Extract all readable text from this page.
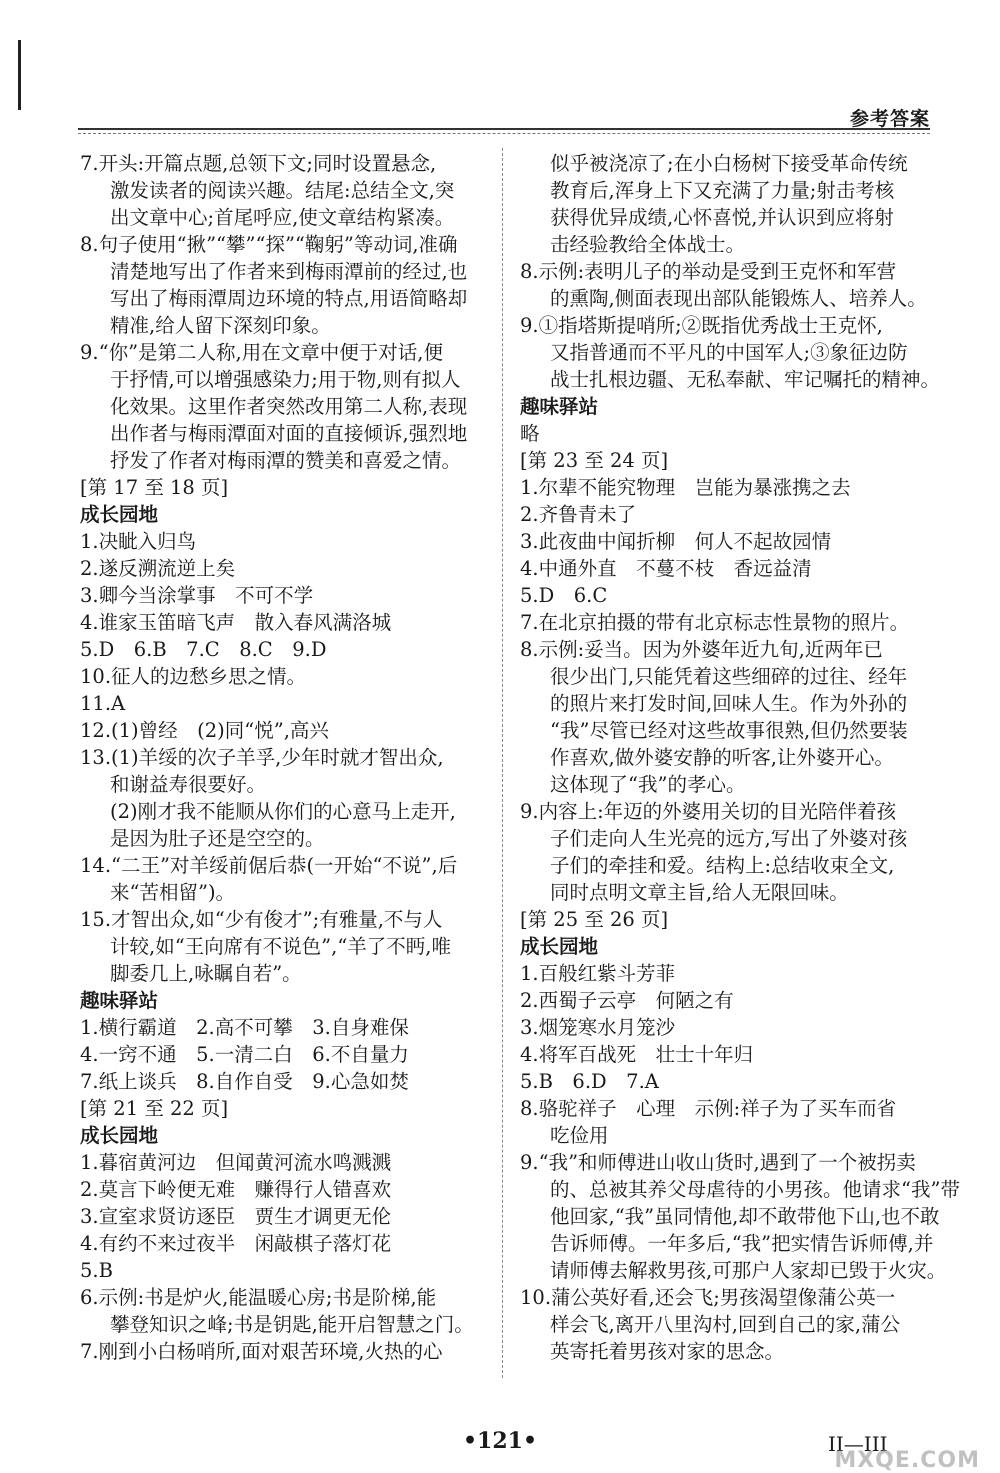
参考答案
7.开头:开篇点题,总领下文;同时设置悬念,
激发读者的阅读兴趣。结尾:总结全文,突
出文章中心;首尾呼应,使文章结构紧凑。
8.句子使用“揪”“攀”“探”“鞠躬”等动词,准确
清楚地写出了作者来到梅雨潭前的经过,也
写出了梅雨潭周边环境的特点,用语简略却
精准,给人留下深刻印象。
9.“你”是第二人称,用在文章中便于对话,便
于抒情,可以增强感染力;用于物,则有拟人
化效果。这里作者突然改用第二人称,表现
出作者与梅雨潭面对面的直接倾诉,强烈地
抒发了作者对梅雨潭的赞美和喜爱之情。
[第 17 至 18 页]
成长园地
1.决眦入归鸟
2.遂反溯流逆上矣
3.卿今当涂掌事　不可不学
4.谁家玉笛暗飞声　散入春风满洛城
5.D　6.B　7.C　8.C　9.D
10.征人的边愁乡思之情。
11.A
12.(1)曾经　(2)同“悦”,高兴
13.(1)羊绥的次子羊孚,少年时就才智出众,
和谢益寿很要好。
(2)刚才我不能顺从你们的心意马上走开,
是因为肚子还是空空的。
14.“二王”对羊绥前倨后恭(一开始“不说”,后
来“苦相留”)。
15.才智出众,如“少有俊才”;有雅量,不与人
计较,如“王向席有不说色”,“羊了不眄,唯
脚委几上,咏瞩自若”。
趣味驿站
1.横行霸道　2.高不可攀　3.自身难保
4.一窍不通　5.一清二白　6.不自量力
7.纸上谈兵　8.自作自受　9.心急如焚
[第 21 至 22 页]
成长园地
1.暮宿黄河边　但闻黄河流水鸣溅溅
2.莫言下岭便无难　赚得行人错喜欢
3.宣室求贤访逐臣　贾生才调更无伦
4.有约不来过夜半　闲敲棋子落灯花
5.B
6.示例:书是炉火,能温暖心房;书是阶梯,能
攀登知识之峰;书是钥匙,能开启智慧之门。
7.刚到小白杨哨所,面对艰苦环境,火热的心
似乎被浇凉了;在小白杨树下接受革命传统
教育后,浑身上下又充满了力量;射击考核
获得优异成绩,心怀喜悦,并认识到应将射
击经验教给全体战士。
8.示例:表明儿子的举动是受到王克怀和军营
的熏陶,侧面表现出部队能锻炼人、培养人。
9.①指塔斯提哨所;②既指优秀战士王克怀,
又指普通而不平凡的中国军人;③象征边防
战士扎根边疆、无私奉献、牢记嘱托的精神。
趣味驿站
略
[第 23 至 24 页]
1.尔辈不能究物理　岂能为暴涨携之去
2.齐鲁青未了
3.此夜曲中闻折柳　何人不起故园情
4.中通外直　不蔓不枝　香远益清
5.D　6.C
7.在北京拍摄的带有北京标志性景物的照片。
8.示例:妥当。因为外婆年近九旬,近两年已
很少出门,只能凭着这些细碎的过往、经年
的照片来打发时间,回味人生。作为外孙的
“我”尽管已经对这些故事很熟,但仍然要装
作喜欢,做外婆安静的听客,让外婆开心。
这体现了“我”的孝心。
9.内容上:年迈的外婆用关切的目光陪伴着孩
子们走向人生光亮的远方,写出了外婆对孩
子们的牵挂和爱。结构上:总结收束全文,
同时点明文章主旨,给人无限回味。
[第 25 至 26 页]
成长园地
1.百般红紫斗芳菲
2.西蜀子云亭　何陋之有
3.烟笼寒水月笼沙
4.将军百战死　壮士十年归
5.B　6.D　7.A
8.骆驼祥子　心理　示例:祥子为了买车而省
吃俭用
9.“我”和师傅进山收山货时,遇到了一个被拐卖
的、总被其养父母虐待的小男孩。他请求“我”带
他回家,“我”虽同情他,却不敢带他下山,也不敢
告诉师傅。一年多后,“我”把实情告诉师傅,并
请师傅去解救男孩,可那户人家却已毁于火灾。
10.蒲公英好看,还会飞;男孩渴望像蒲公英一
样会飞,离开八里沟村,回到自己的家,蒲公
英寄托着男孩对家的思念。
•121•	II—III
MXQE.COM
